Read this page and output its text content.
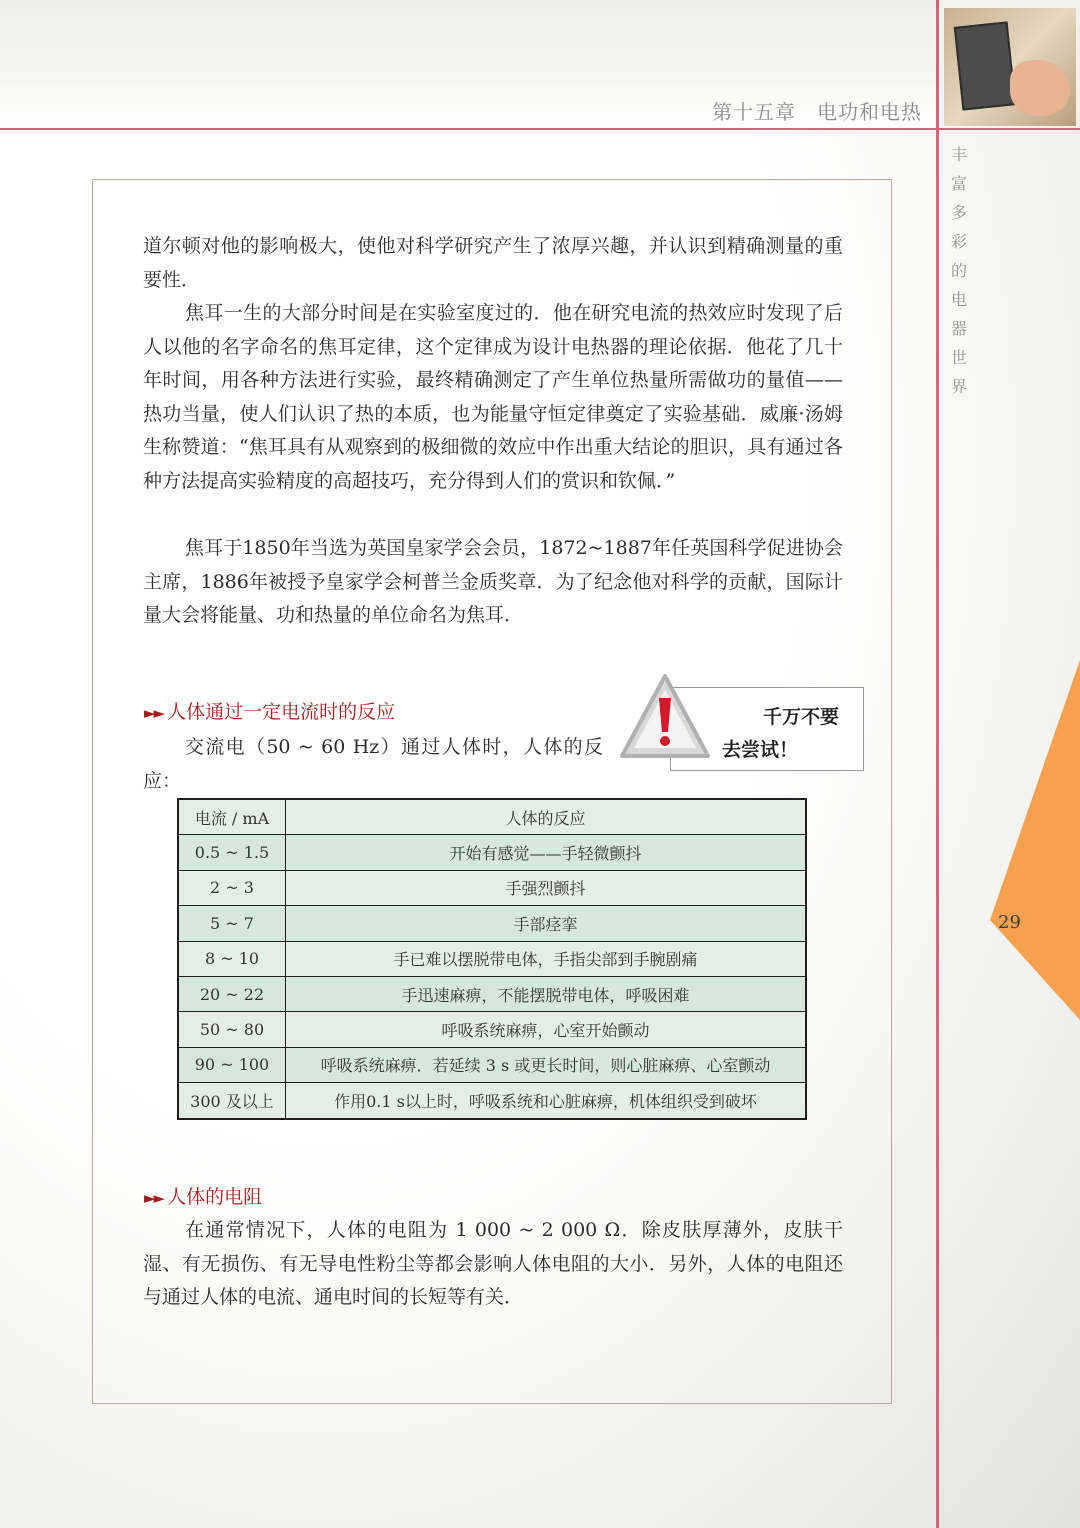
第十五章　电功和电热
丰
富
多
彩
的
电
器
世
界
29

道尔顿对他的影响极大，使他对科学研究产生了浓厚兴趣，并认识到精确测量的重要性．

焦耳一生的大部分时间是在实验室度过的．他在研究电流的热效应时发现了后人以他的名字命名的焦耳定律，这个定律成为设计电热器的理论依据．他花了几十年时间，用各种方法进行实验，最终精确测定了产生单位热量所需做功的量值——热功当量，使人们认识了热的本质，也为能量守恒定律奠定了实验基础．威廉·汤姆生称赞道：“焦耳具有从观察到的极细微的效应中作出重大结论的胆识，具有通过各种方法提高实验精度的高超技巧，充分得到人们的赏识和钦佩．”

焦耳于1850年当选为英国皇家学会会员，1872~1887年任英国科学促进协会主席，1886年被授予皇家学会柯普兰金质奖章．为了纪念他对科学的贡献，国际计量大会将能量、功和热量的单位命名为焦耳．

►► 人体通过一定电流时的反应

交流电（50 ~ 60 Hz）通过人体时，人体的反应：

千万不要
去尝试！
电流 / mA	人体的反应
0.5 ~ 1.5	开始有感觉——手轻微颤抖
2 ~ 3	手强烈颤抖
5 ~ 7	手部痉挛
8 ~ 10	手已难以摆脱带电体，手指尖部到手腕剧痛
20 ~ 22	手迅速麻痹，不能摆脱带电体，呼吸困难
50 ~ 80	呼吸系统麻痹，心室开始颤动
90 ~ 100	呼吸系统麻痹．若延续 3 s 或更长时间，则心脏麻痹、心室颤动
300 及以上	作用0.1 s以上时，呼吸系统和心脏麻痹，机体组织受到破坏
►► 人体的电阻

在通常情况下，人体的电阻为 1 000 ~ 2 000 Ω．除皮肤厚薄外，皮肤干湿、有无损伤、有无导电性粉尘等都会影响人体电阻的大小．另外，人体的电阻还与通过人体的电流、通电时间的长短等有关．
